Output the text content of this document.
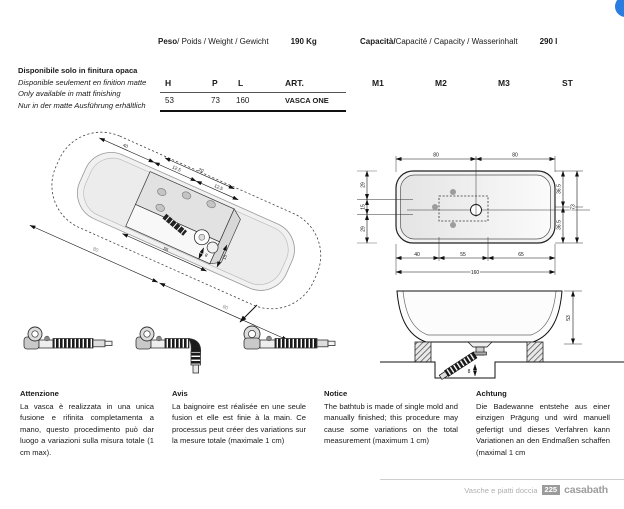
Peso / Poids / Weight / Gewicht	190 Kg	Capacità/ Capacité / Capacity / Wasserinhalt	290 l
Disponibile solo in finitura opaca
Disponible seulement en finition matte
Only available in matt finishing
Nur in der matte Ausführung erhältlich
H	P L	ART.	M1	M2	M3	ST
53	73 160	VASCA ONE
40
12.5
12.5
20
55
15
8
80
80
80	80
29
15
29
36.5
36.5
73
40	55	65
160
8
53
Attenzione

La vasca è realizzata in una unica fusione e rifinita completamenta a mano, questo procedimento può dar luogo a variazioni sulla misura totale (1 cm max).

Avis

La baignoire est réalisée en une seule fusion et elle est finie à la main. Ce processus peut créer des variations sur la mesure totale (maximale 1 cm)

Notice

The bathtub is made of single mold and manually finished; this procedure may cause some variations on the total measurement (maximum 1 cm)

Achtung

Die Badewanne entstehe aus einer einzigen Prägung und wird manuell gefertigt und dieses Verfahren kann Variationen an den Endmaßen schaffen (maximal 1 cm

Vasche e piatti doccia 225 casabath
